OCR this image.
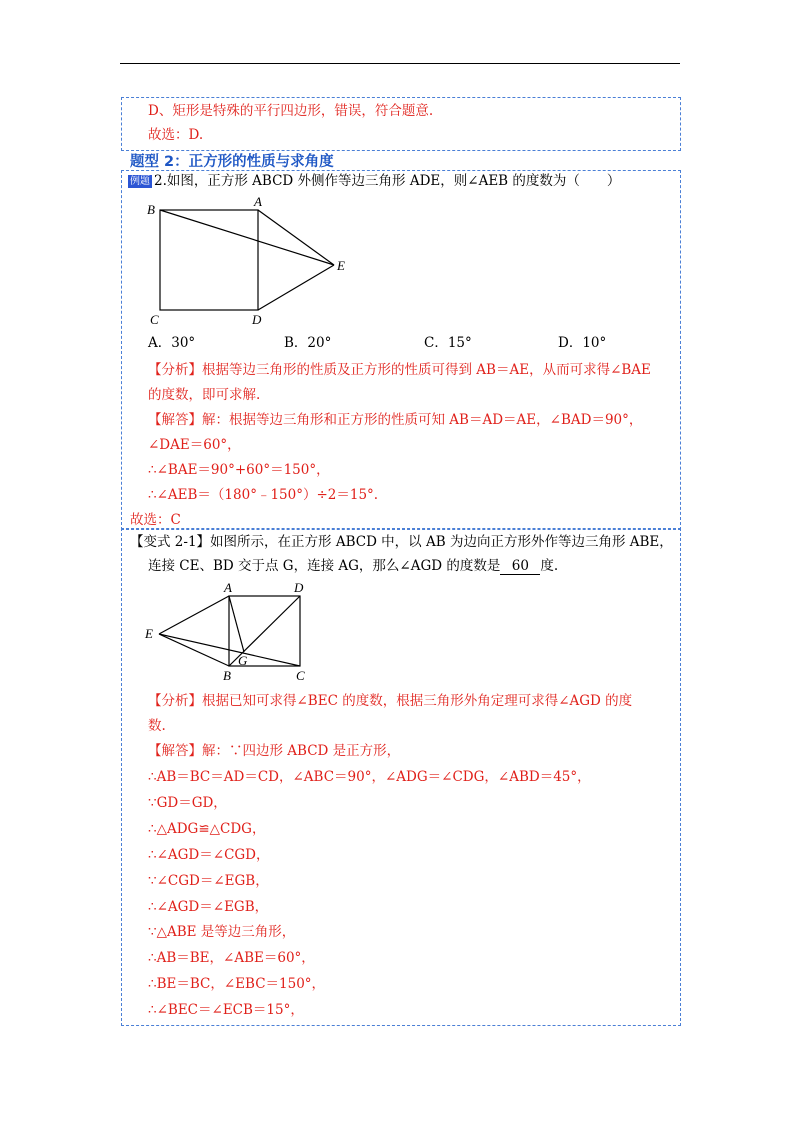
D、矩形是特殊的平行四边形，错误，符合题意.
故选：D.
题型 2：正方形的性质与求角度
例题 2.如图，正方形 ABCD 外侧作等边三角形 ADE，则∠AEB 的度数为（　　）
B
A
E
C	D
A．30°	B．20°	C．15°	D．10°
【分析】根据等边三角形的性质及正方形的性质可得到 AB＝AE，从而可求得∠BAE
的度数，即可求解.
【解答】解：根据等边三角形和正方形的性质可知 AB＝AD＝AE，∠BAD＝90°，
∠DAE＝60°，
∴∠BAE＝90°+60°＝150°，
∴∠AEB＝（180°﹣150°）÷2＝15°.
故选：C
【变式 2-1】如图所示，在正方形 ABCD 中，以 AB 为边向正方形外作等边三角形 ABE，
连接 CE、BD 交于点 G，连接 AG，那么∠AGD 的度数是 60 度.
A	D
E
G
B	C
【分析】根据已知可求得∠BEC 的度数，根据三角形外角定理可求得∠AGD 的度
数.
【解答】解：∵四边形 ABCD 是正方形，
∴AB＝BC＝AD＝CD，∠ABC＝90°，∠ADG＝∠CDG，∠ABD＝45°，
∵GD＝GD，
∴△ADG≌△CDG，
∴∠AGD＝∠CGD，
∵∠CGD＝∠EGB，
∴∠AGD＝∠EGB，
∵△ABE 是等边三角形，
∴AB＝BE，∠ABE＝60°，
∴BE＝BC，∠EBC＝150°，
∴∠BEC＝∠ECB＝15°，
